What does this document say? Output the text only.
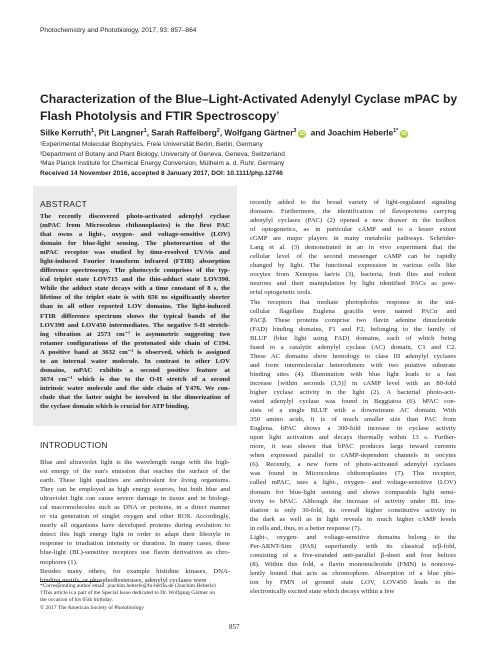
Photochemistry and Photobiology, 2017, 93: 857–864
Characterization of the Blue–Light-Activated Adenylyl Cyclase mPAC by
Flash Photolysis and FTIR Spectroscopy†
Silke Kerruth$^1$, Pit Langner$^1$, Sarah Raffelberg$^2$, Wolfgang Gärtner$^3$ iD and Joachim Heberle$^{1*}$ iD
¹Experimental Molecular Biophysics, Freie Universität Berlin, Berlin, Germany
²Department of Botany and Plant Biology, University of Geneva, Geneva, Switzerland
³Max Planck Institute for Chemical Energy Conversion, Mülheim a. d. Ruhr, Germany
Received 14 November 2016, accepted 8 January 2017, DOI: 10.1111/php.12746
ABSTRACT
The recently discovered photo-activated adenylyl cyclase
(mPAC from Microcoleus chthonoplastes) is the first PAC
that owns a light-, oxygen- and voltage-sensitive (LOV)
domain for blue-light sensing. The photoreaction of the
mPAC receptor was studied by time-resolved UV/vis and
light-induced Fourier transform infrared (FTIR) absorption
difference spectroscopy. The photocycle comprises of the typ-
ical triplet state LOV715 and the thio-adduct state LOV390.
While the adduct state decays with a time constant of 8 s, the
lifetime of the triplet state is with 656 ns significantly shorter
than in all other reported LOV domains. The light-induced
FTIR difference spectrum shows the typical bands of the
LOV390 and LOV450 intermediates. The negative S-H stretch-
ing vibration at 2573 cm⁻¹ is asymmetric suggesting two
rotamer configurations of the protonated side chain of C194.
A positive band at 3632 cm⁻¹ is observed, which is assigned
to an internal water molecule. In contrast to other LOV
domains, mPAC exhibits a second positive feature at
3674 cm⁻¹ which is due to the O-H stretch of a second
intrinsic water molecule and the side chain of Y476. We con-
clude that the latter might be involved in the dimerization of
the cyclase domain which is crucial for ATP binding.
INTRODUCTION
Blue and ultraviolet light is the wavelength range with the high-
est energy of the sun's emission that reaches the surface of the
earth. These light qualities are ambivalent for living organisms.
They can be employed as high energy sources, but both blue and
ultraviolet light can cause severe damage in tissue and in biologi-
cal macromolecules such as DNA or proteins, in a direct manner
or via generation of singlet oxygen and other ROS. Accordingly,
nearly all organisms have developed proteins during evolution to
detect this high energy light in order to adapt their lifestyle in
response to irradiation intensity or duration. In many cases, these
blue-light (BL)-sensitive receptors use flavin derivatives as chro-
mophores (1).
Besides many others, for example histidine kinases, DNA-
binding motifs, or phosphodiesterases, adenylyl cyclases were
*Corresponding author email: joachim.heberle@fu-berlin.de (Joachim Heberle)
†This article is a part of the Special Issue dedicated to Dr. Wolfgang Gärtner on
the occasion of his 65th birthday.
© 2017 The American Society of Photobiology
recently added to the broad variety of light-regulated signaling
domains. Furthermore, the identification of flavoproteins carrying
adenylyl cyclases (PAC) (2) opened a new drawer in the toolbox
of optogenetics, as in particular cAMP and to a lesser extent
cGMP are major players in many metabolic pathways. Schröder-
Lang et al. (3) demonstrated in an in vivo experiment that the
cellular level of the second messenger cAMP can be rapidly
changed by light. The functional expression in various cells like
oocytes from Xenopus laevis (3), bacteria, fruit flies and rodent
neurons and their manipulation by light identified PACs as pow-
erful optogenetic tools.
The receptors that mediate photophobic response in the uni-
cellular flagellate Euglena gracilis were named PACα and
PACβ. These proteins comprise two flavin adenine dinucleotide
(FAD) binding domains, F1 and F2, belonging to the family of
BLUF (blue light using FAD) domains, each of which being
fused to a catalytic adenylyl cyclase (AC) domain, C1 and C2.
These AC domains show homology to class III adenylyl cyclases
and form intermolecular heterodimers with two putative substrate
binding sites (4). Illumination with blue light leads to a fast
increase [within seconds (3,5)] in cAMP level with an 80-fold
higher cyclase activity in the light (2). A bacterial photo-acti-
vated adenylyl cyclase was found in Beggiatoa (6). bPAC con-
sists of a single BLUF with a downstream AC domain. With
350 amino acids, it is of much smaller size than PAC from
Euglena. bPAC shows a 300-fold increase in cyclase activity
upon light activation and decays thermally within 13 s. Further-
more, it was shown that bPAC produces large inward currents
when expressed parallel to cAMP-dependent channels in oocytes
(6). Recently, a new form of photo-activated adenylyl cyclases
was found in Microcoleus chthonoplastes (7). This receptor,
called mPAC, uses a light-, oxygen- and voltage-sensitive (LOV)
domain for blue-light sensing and shows comparable light sensi-
tivity to bPAC. Although the increase of activity under BL irra-
diation is only 30-fold, its overall higher constitutive activity in
the dark as well as in light reveals in much higher cAMP levels
in cells and, thus, to a better response (7).
Light-, oxygen- and voltage-sensitive domains belong to the
Per-ARNT-Sim (PAS) superfamily with its classical α/β-fold,
consisting of a five-stranded anti-parallel β-sheet and four helices
(8). Within this fold, a flavin mononucleotide (FMN) is noncova-
lently bound that acts as chromophore. Absorption of a blue pho-
ton by FMN of ground state LOV, LOV450 leads to the
electronically excited state which decays within a few
857
